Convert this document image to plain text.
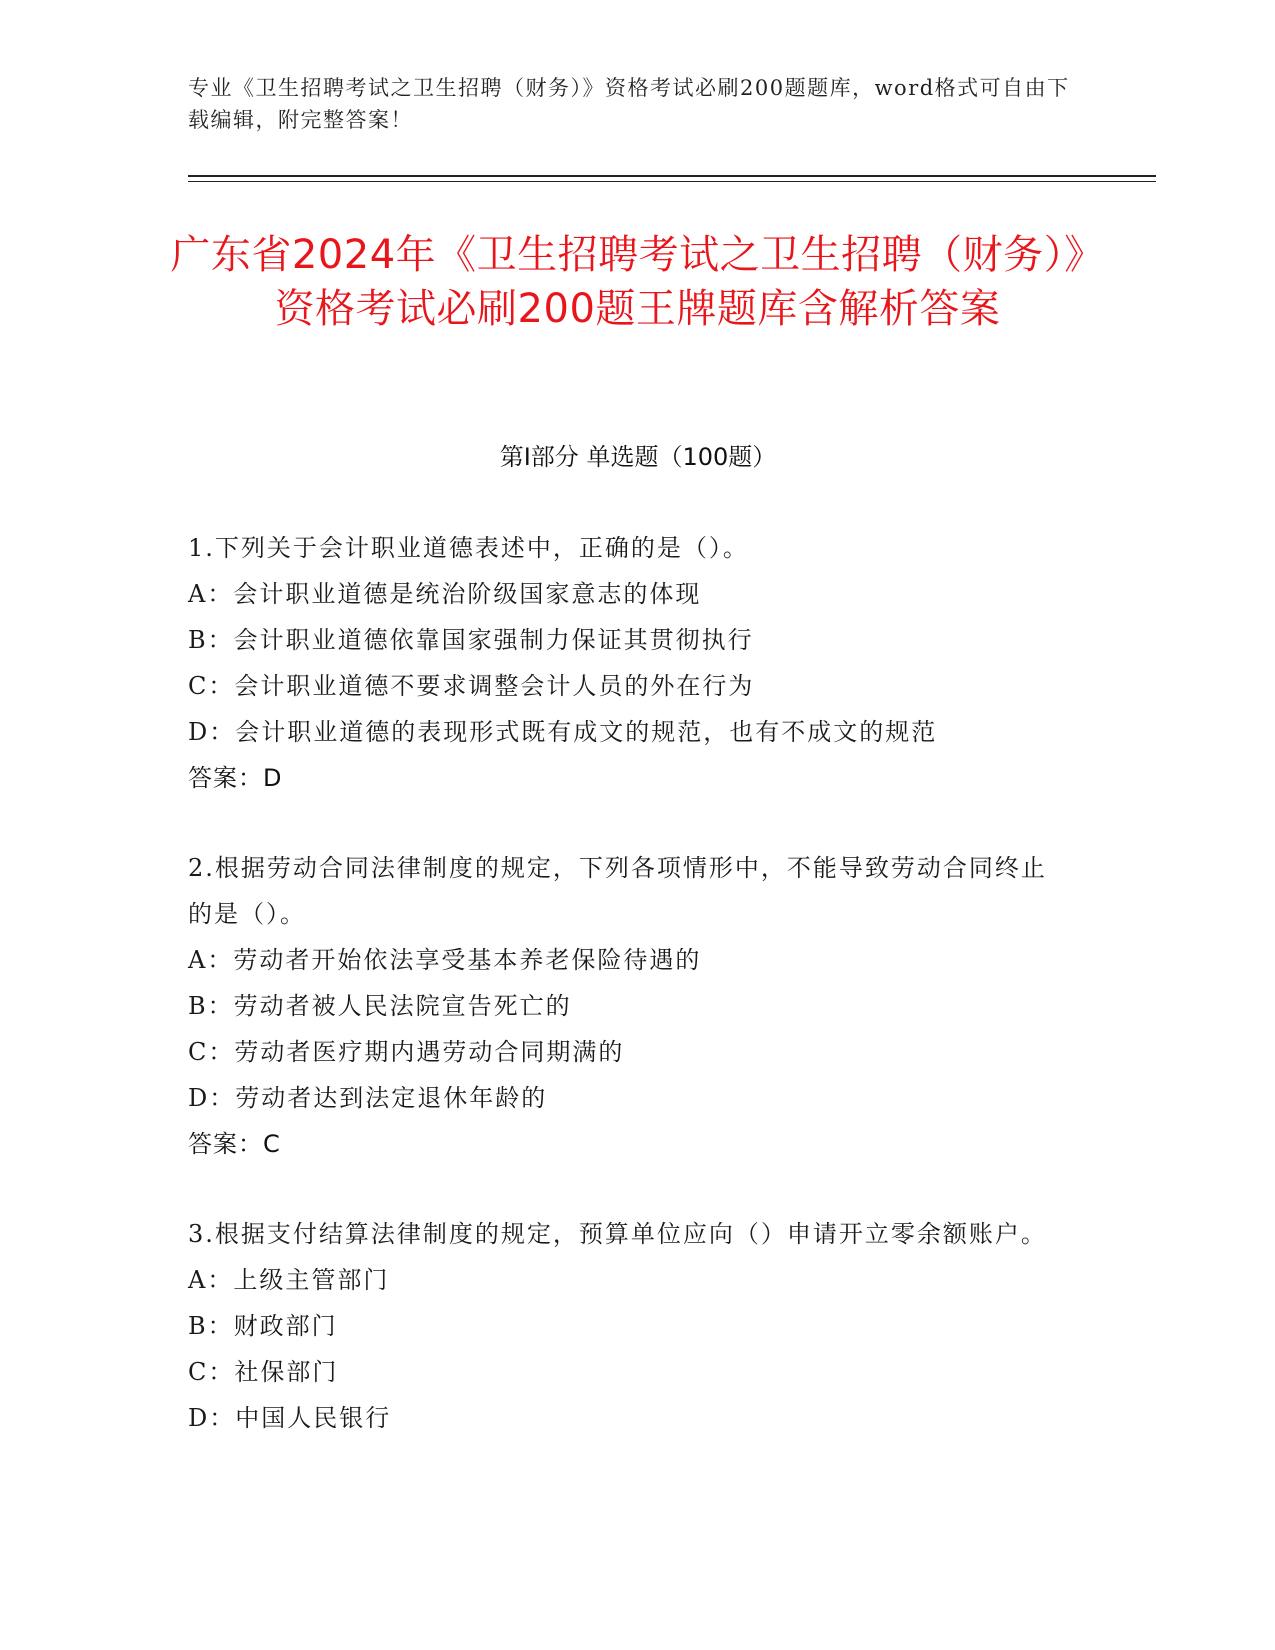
专业《卫生招聘考试之卫生招聘（财务）》资格考试必刷200题题库，word格式可自由下载编辑，附完整答案！
广东省2024年《卫生招聘考试之卫生招聘（财务）》资格考试必刷200题王牌题库含解析答案
第Ⅰ部分 单选题（100题）
1.下列关于会计职业道德表述中，正确的是（）。
A：会计职业道德是统治阶级国家意志的体现
B：会计职业道德依靠国家强制力保证其贯彻执行
C：会计职业道德不要求调整会计人员的外在行为
D：会计职业道德的表现形式既有成文的规范，也有不成文的规范
答案：D
2.根据劳动合同法律制度的规定，下列各项情形中，不能导致劳动合同终止的是（）。
A：劳动者开始依法享受基本养老保险待遇的
B：劳动者被人民法院宣告死亡的
C：劳动者医疗期内遇劳动合同期满的
D：劳动者达到法定退休年龄的
答案：C
3.根据支付结算法律制度的规定，预算单位应向（）申请开立零余额账户。
A：上级主管部门
B：财政部门
C：社保部门
D：中国人民银行
